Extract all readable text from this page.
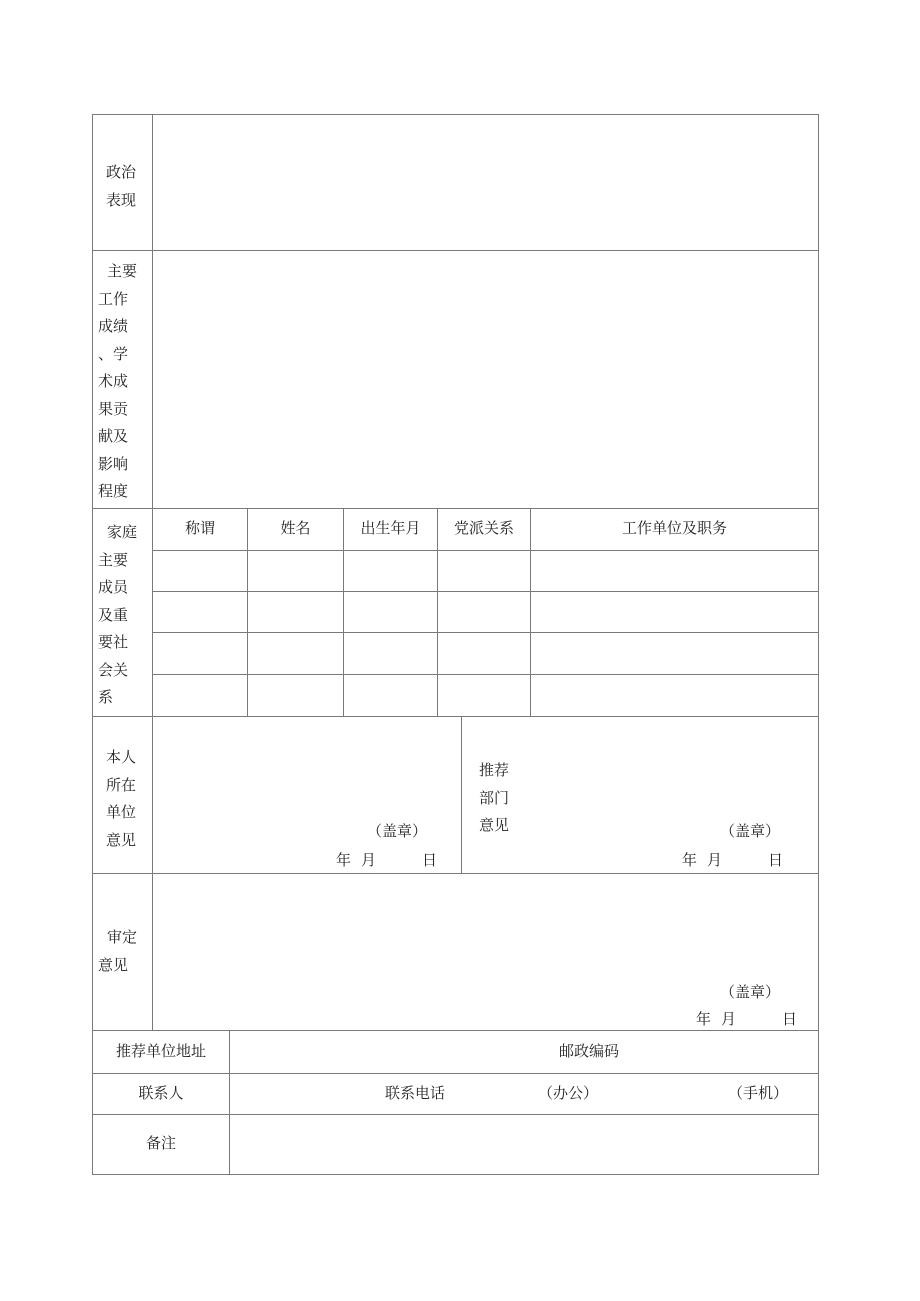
政治
表现
主要
工作
成绩
、学
术成
果贡
献及
影响
程度
家庭
主要
成员
及重
要社
会关
系
称谓	姓名	出生年月	党派关系	工作单位及职务
本人
所在
单位
意见	（盖章）
年 月	日
推荐
部门
意见	（盖章）
年 月	日
审定
意见
（盖章）
年 月	日
推荐单位地址	邮政编码
联系人	联系电话	（办公）	（手机）
备注
